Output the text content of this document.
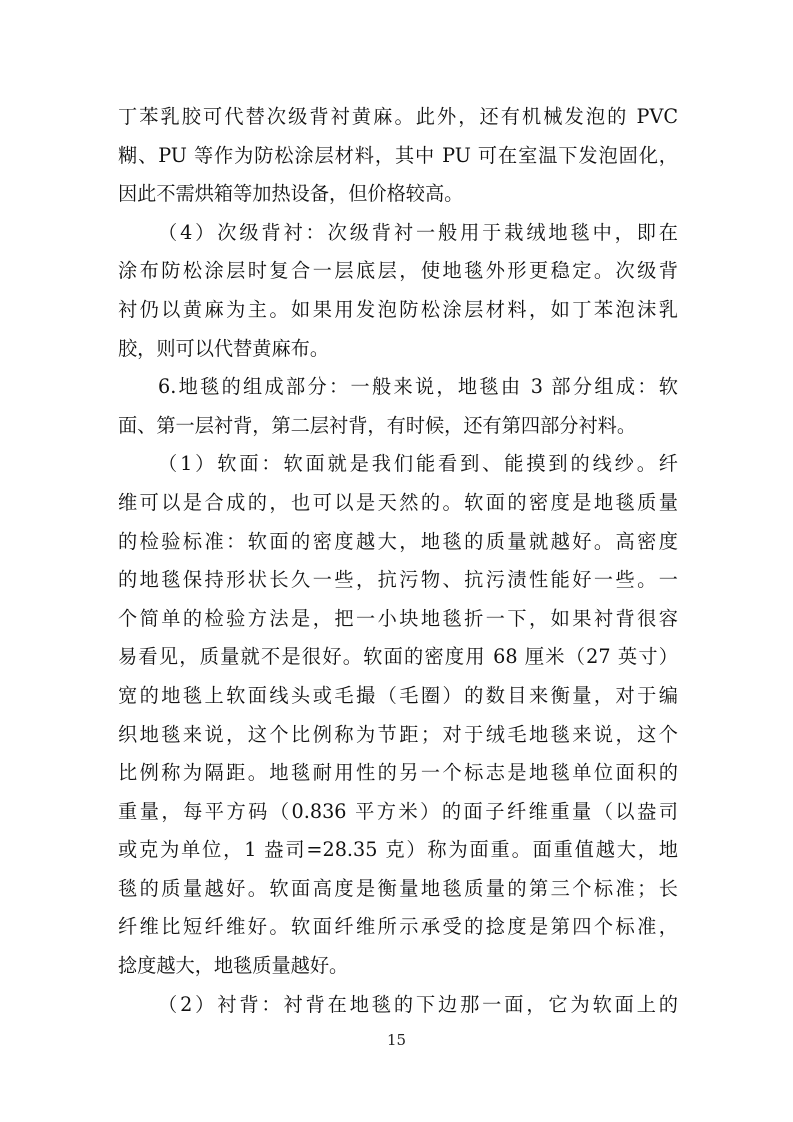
丁苯乳胶可代替次级背衬黄麻。此外，还有机械发泡的 PVC
糊、PU 等作为防松涂层材料，其中 PU 可在室温下发泡固化，
因此不需烘箱等加热设备，但价格较高。
（4）次级背衬：次级背衬一般用于栽绒地毯中，即在
涂布防松涂层时复合一层底层，使地毯外形更稳定。次级背
衬仍以黄麻为主。如果用发泡防松涂层材料，如丁苯泡沫乳
胶，则可以代替黄麻布。
6.地毯的组成部分：一般来说，地毯由 3 部分组成：软
面、第一层衬背，第二层衬背，有时候，还有第四部分衬料。
（1）软面：软面就是我们能看到、能摸到的线纱。纤
维可以是合成的，也可以是天然的。软面的密度是地毯质量
的检验标准：软面的密度越大，地毯的质量就越好。高密度
的地毯保持形状长久一些，抗污物、抗污渍性能好一些。一
个简单的检验方法是，把一小块地毯折一下，如果衬背很容
易看见，质量就不是很好。软面的密度用 68 厘米（27 英寸）
宽的地毯上软面线头或毛撮（毛圈）的数目来衡量，对于编
织地毯来说，这个比例称为节距；对于绒毛地毯来说，这个
比例称为隔距。地毯耐用性的另一个标志是地毯单位面积的
重量，每平方码（0.836 平方米）的面子纤维重量（以盎司
或克为单位，1 盎司=28.35 克）称为面重。面重值越大，地
毯的质量越好。软面高度是衡量地毯质量的第三个标准；长
纤维比短纤维好。软面纤维所示承受的捻度是第四个标准，
捻度越大，地毯质量越好。
（2）衬背：衬背在地毯的下边那一面，它为软面上的
15
